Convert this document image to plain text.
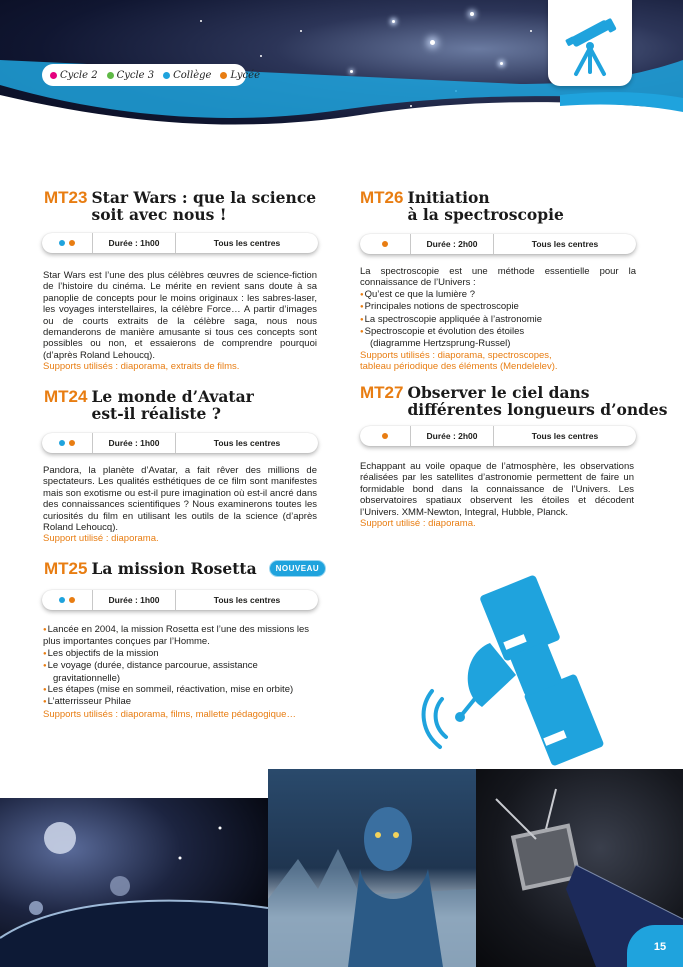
Cycle 2 Cycle 3 Collège Lycée
MT23 Star Wars : que la science
soit avec nous !
Durée : 1h00	Tous les centres
Star Wars est l’une des plus célèbres œuvres de science-fiction de l’histoire du cinéma. Le mérite en revient sans doute à sa panoplie de concepts pour le moins originaux : les sabres-laser, les voyages interstellaires, la célèbre Force… A partir d’images ou de courts extraits de la célèbre saga, nous nous demanderons de manière amusante si tous ces concepts sont possibles ou non, et essaierons de comprendre pourquoi (d’après Roland Lehoucq).
Supports utilisés : diaporama, extraits de films.
MT24 Le monde d’Avatar
est-il réaliste ?
Durée : 1h00	Tous les centres
Pandora, la planète d’Avatar, a fait rêver des millions de spectateurs. Les qualités esthétiques de ce film sont manifestes mais son exotisme ou est-il pure imagination où est-il ancré dans des connaissances scientifiques ? Nous examinerons toutes les curiosités du film en utilisant les outils de la science (d’après Roland Lehoucq).
Support utilisé : diaporama.
MT25 La mission Rosetta	NOUVEAU
Durée : 1h00	Tous les centres
● Lancée en 2004, la mission Rosetta est l’une des missions les plus importantes conçues par l’Homme.
● Les objectifs de la mission
● Le voyage (durée, distance parcourue, assistance
gravitationnelle)
● Les étapes (mise en sommeil, réactivation, mise en orbite)
● L’atterrisseur Philae
Supports utilisés : diaporama, films, mallette pédagogique…
MT26 Initiation
à la spectroscopie
Durée : 2h00	Tous les centres
La spectroscopie est une méthode essentielle pour la connaissance de l’Univers :
● Qu’est ce que la lumière ?
● Principales notions de spectroscopie
● La spectroscopie appliquée à l’astronomie
● Spectroscopie et évolution des étoiles
(diagramme Hertzsprung-Russel)
Supports utilisés : diaporama, spectroscopes,
tableau périodique des éléments (Mendelelev).
MT27 Observer le ciel dans
différentes longueurs d’ondes
Durée : 2h00	Tous les centres
Echappant au voile opaque de l’atmosphère, les observations réalisées par les satellites d’astronomie permettent de faire un formidable bond dans la connaissance de l’Univers. Les observatoires spatiaux observent les étoiles et décodent l’Univers. XMM-Newton, Integral, Hubble, Planck.
Support utilisé : diaporama.
15
